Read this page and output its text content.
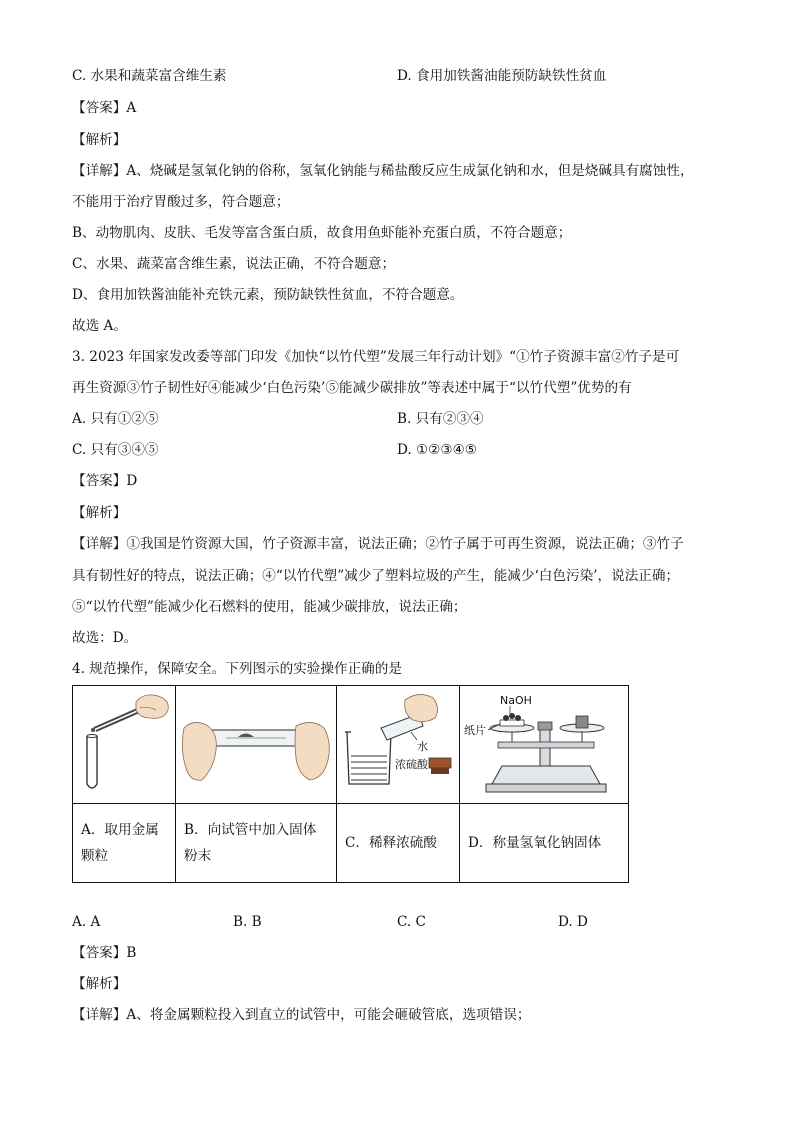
C. 水果和蔬菜富含维生素	D. 食用加铁酱油能预防缺铁性贫血
【答案】A
【解析】
【详解】A、烧碱是氢氧化钠的俗称，氢氧化钠能与稀盐酸反应生成氯化钠和水，但是烧碱具有腐蚀性，
不能用于治疗胃酸过多，符合题意；
B、动物肌肉、皮肤、毛发等富含蛋白质，故食用鱼虾能补充蛋白质，不符合题意；
C、水果、蔬菜富含维生素，说法正确，不符合题意；
D、食用加铁酱油能补充铁元素，预防缺铁性贫血，不符合题意。
故选 A。
3. 2023 年国家发改委等部门印发《加快“以竹代塑”发展三年行动计划》“①竹子资源丰富②竹子是可
再生资源③竹子韧性好④能减少‘白色污染’⑤能减少碳排放”等表述中属于“以竹代塑”优势的有
A. 只有①②⑤	B. 只有②③④
C. 只有③④⑤	D. ①②③④⑤
【答案】D
【解析】
【详解】①我国是竹资源大国，竹子资源丰富，说法正确；②竹子属于可再生资源，说法正确；③竹子
具有韧性好的特点，说法正确；④“以竹代塑”减少了塑料垃圾的产生，能减少‘白色污染’，说法正确；
⑤“以竹代塑”能减少化石燃料的使用，能减少碳排放，说法正确；
故选：D。
4. 规范操作，保障安全。下列图示的实验操作正确的是

水
浓硫酸	NaOH
纸片

A．取用金属
颗粒	B．向试管中加入固体
粉末	C．稀释浓硫酸	D．称量氢氧化钠固体
A. A	B. B	C. C	D. D
【答案】B
【解析】
【详解】A、将金属颗粒投入到直立的试管中，可能会砸破管底，选项错误；
